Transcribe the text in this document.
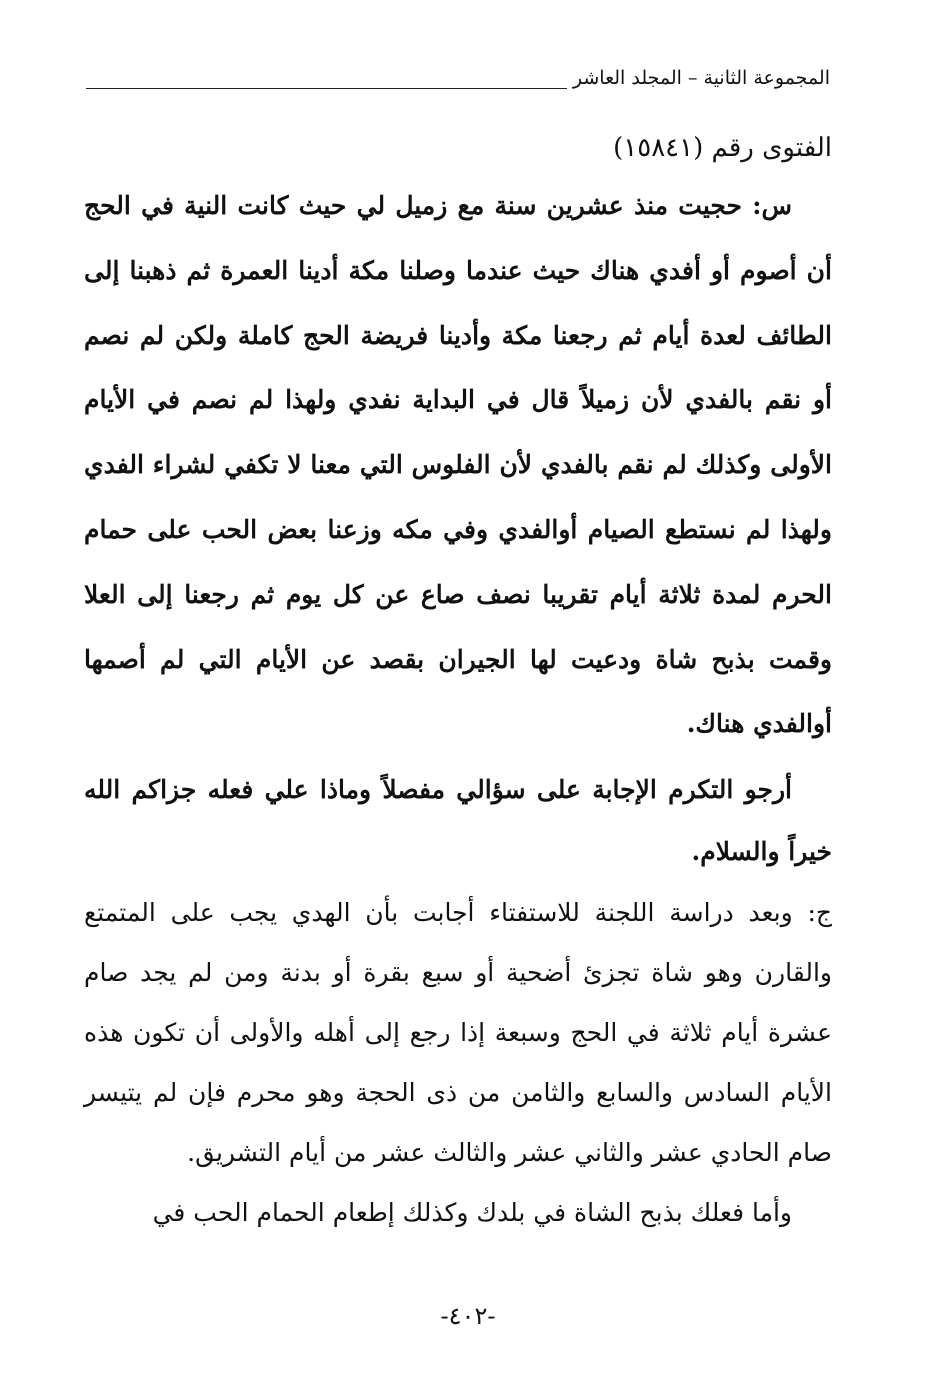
المجموعة الثانية – المجلد العاشر

الفتوى رقم (١٥٨٤١)

س: حجيت منذ عشرين سنة مع زميل لي حيث كانت النية في الحج أن أصوم أو أفدي هناك حيث عندما وصلنا مكة أدينا العمرة ثم ذهبنا إلى الطائف لعدة أيام ثم رجعنا مكة وأدينا فريضة الحج كاملة ولكن لم نصم أو نقم بالفدي لأن زميلاً قال في البداية نفدي ولهذا لم نصم في الأيام الأولى وكذلك لم نقم بالفدي لأن الفلوس التي معنا لا تكفي لشراء الفدي ولهذا لم نستطع الصيام أوالفدي وفي مكه وزعنا بعض الحب على حمام الحرم لمدة ثلاثة أيام تقريبا نصف صاع عن كل يوم ثم رجعنا إلى العلا وقمت بذبح شاة ودعيت لها الجيران بقصد عن الأيام التي لم أصمها أوالفدي هناك.

أرجو التكرم الإجابة على سؤالي مفصلاً وماذا علي فعله جزاكم الله خيراً والسلام.

ج: وبعد دراسة اللجنة للاستفتاء أجابت بأن الهدي يجب على المتمتع والقارن وهو شاة تجزئ أضحية أو سبع بقرة أو بدنة ومن لم يجد صام عشرة أيام ثلاثة في الحج وسبعة إذا رجع إلى أهله والأولى أن تكون هذه الأيام السادس والسابع والثامن من ذى الحجة وهو محرم فإن لم يتيسر صام الحادي عشر والثاني عشر والثالث عشر من أيام التشريق.

وأما فعلك بذبح الشاة في بلدك وكذلك إطعام الحمام الحب في

-٤٠٢-
